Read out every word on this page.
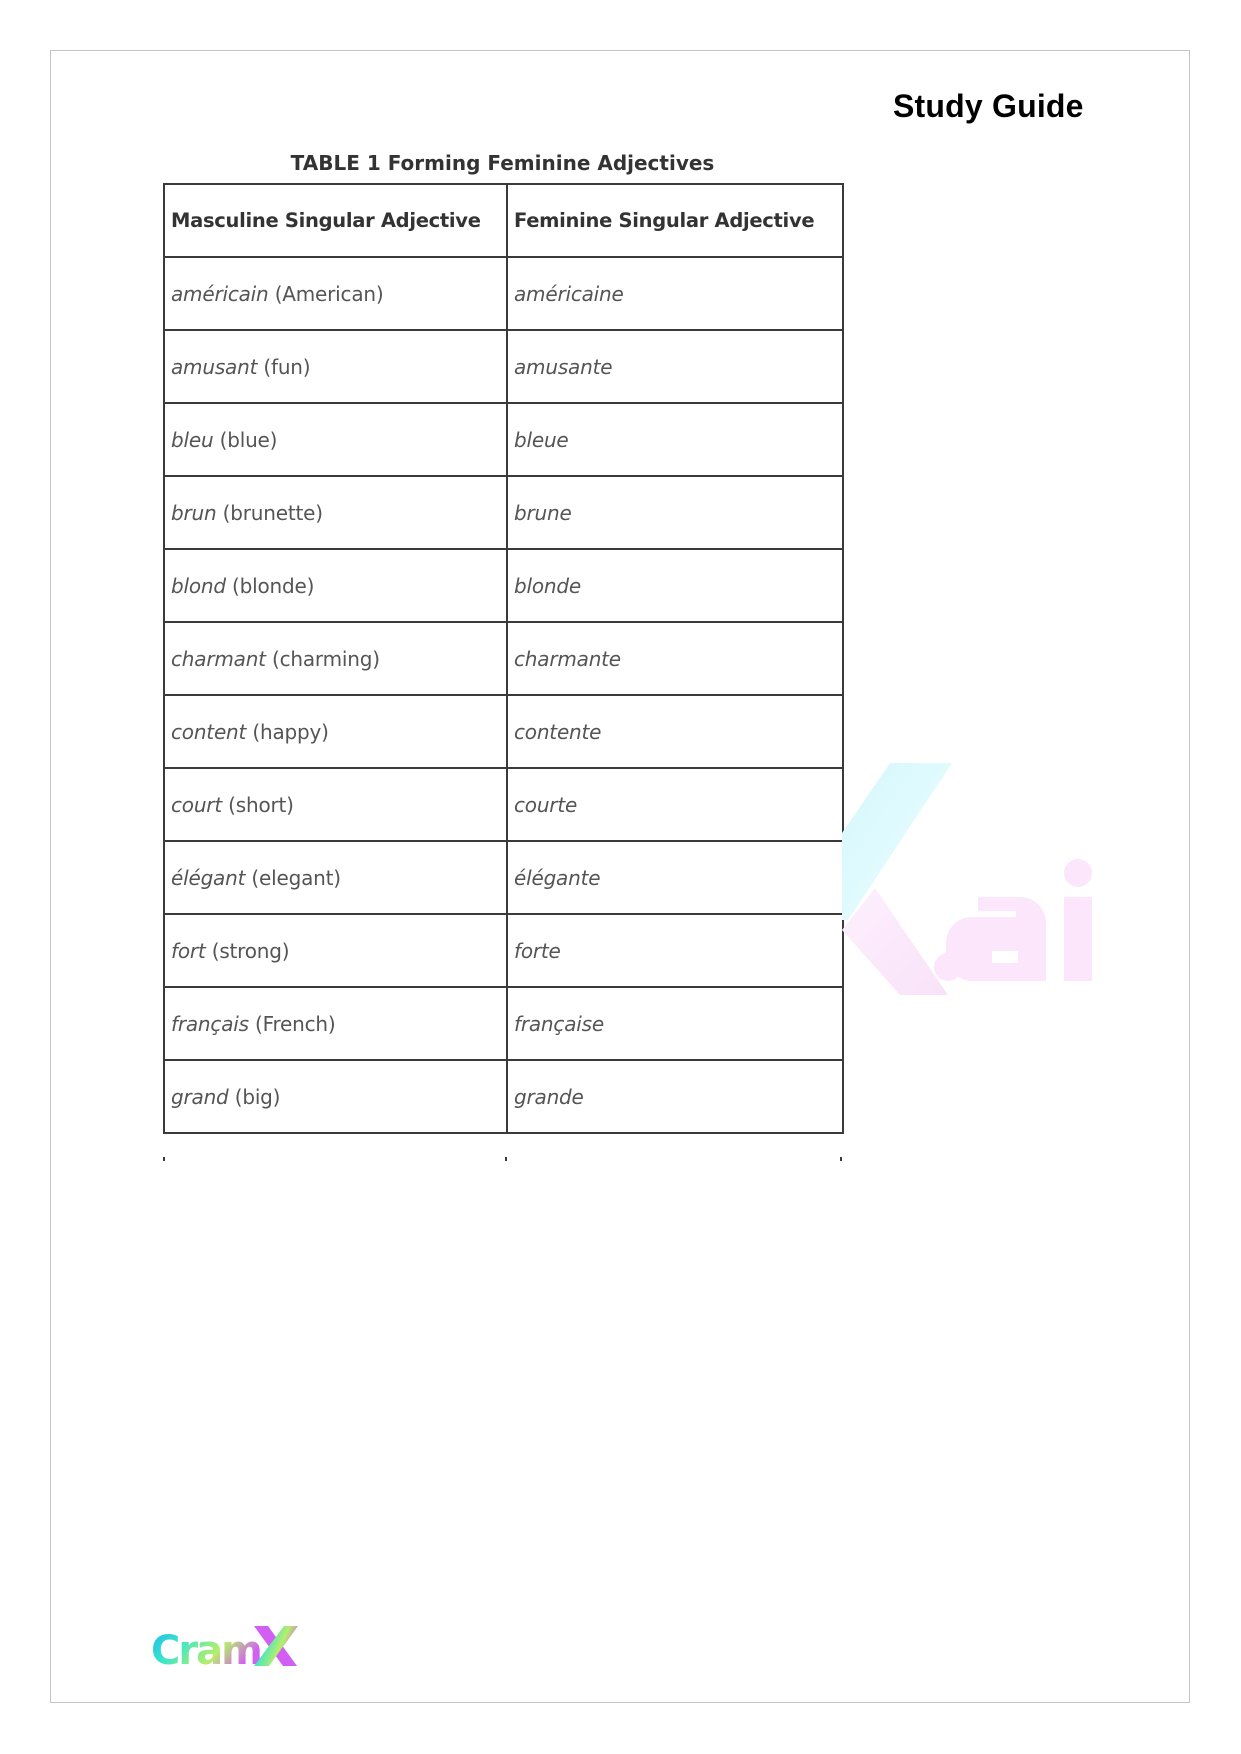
Study Guide
TABLE 1 Forming Feminine Adjectives
Masculine Singular Adjective	Feminine Singular Adjective
américain (American)	américaine
amusant (fun)	amusante
bleu (blue)	bleue
brun (brunette)	brune
blond (blonde)	blonde
charmant (charming)	charmante
content (happy)	contente
court (short)	courte
élégant (elegant)	élégante
fort (strong)	forte
français (French)	française
grand (big)	grande
Cram
